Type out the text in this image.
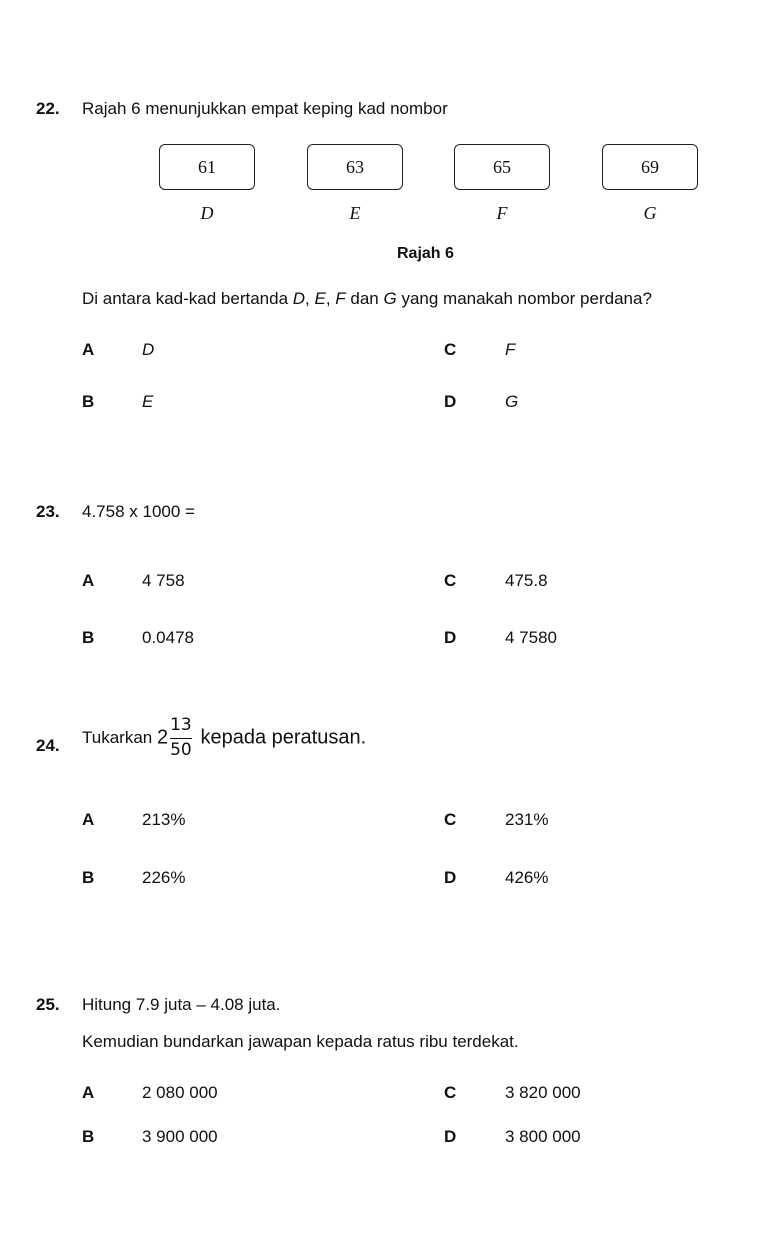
22. Rajah 6 menunjukkan empat keping kad nombor
61	63	65	69
D	E	F	G
Rajah 6
Di antara kad-kad bertanda D, E, F dan G yang manakah nombor perdana?
A	D
B	E
C	F
D	G
23. 4.758 x 1000 =
A	4 758
B	0.0478
C	475.8
D	4 7580
24. Tukarkan $2 \frac{13}{50}$ kepada peratusan.
A	213%
B	226%
C	231%
D	426%
25. Hitung 7.9 juta – 4.08 juta.
Kemudian bundarkan jawapan kepada ratus ribu terdekat.
A	2 080 000
B	3 900 000
C	3 820 000
D	3 800 000
